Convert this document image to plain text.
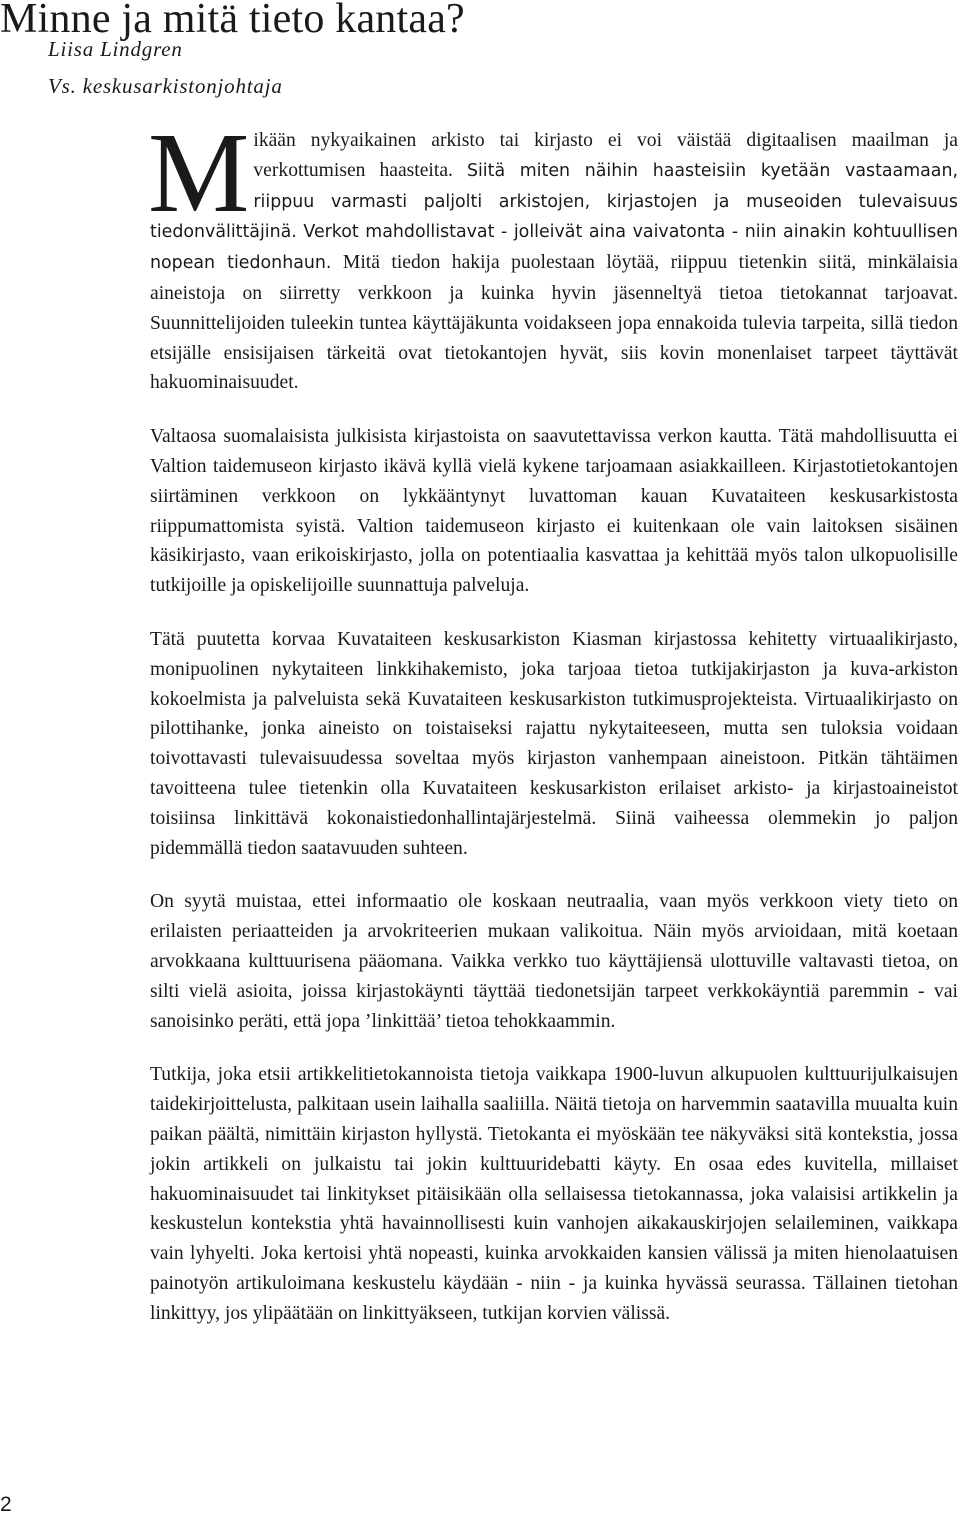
Minne ja mitä tieto kantaa?
Liisa Lindgren
Vs. keskusarkistonjohtaja

Mikään nykyaikainen arkisto tai kirjasto ei voi väistää digitaalisen maailman ja verkottumisen haasteita. Siitä miten näihin haasteisiin kyetään vastaamaan, riippuu varmasti paljolti arkistojen, kirjastojen ja museoiden tulevaisuus tiedonvälittäjinä. Verkot mahdollistavat - jolleivät aina vaivatonta - niin ainakin kohtuullisen nopean tiedonhaun. Mitä tiedon hakija puolestaan löytää, riippuu tietenkin siitä, minkälaisia aineistoja on siirretty verkkoon ja kuinka hyvin jäsenneltyä tietoa tietokannat tarjoavat. Suunnittelijoiden tuleekin tuntea käyttäjäkunta voidakseen jopa ennakoida tulevia tarpeita, sillä tiedon etsijälle ensisijaisen tärkeitä ovat tietokantojen hyvät, siis kovin monenlaiset tarpeet täyttävät hakuominaisuudet.

Valtaosa suomalaisista julkisista kirjastoista on saavutettavissa verkon kautta. Tätä mahdollisuutta ei Valtion taidemuseon kirjasto ikävä kyllä vielä kykene tarjoamaan asiakkailleen. Kirjastotietokantojen siirtäminen verkkoon on lykkääntynyt luvattoman kauan Kuvataiteen keskusarkistosta riippumattomista syistä. Valtion taidemuseon kirjasto ei kuitenkaan ole vain laitoksen sisäinen käsikirjasto, vaan erikoiskirjasto, jolla on potentiaalia kasvattaa ja kehittää myös talon ulkopuolisille tutkijoille ja opiskelijoille suunnattuja palveluja.

Tätä puutetta korvaa Kuvataiteen keskusarkiston Kiasman kirjastossa kehitetty virtuaalikirjasto, monipuolinen nykytaiteen linkkihakemisto, joka tarjoaa tietoa tutkijakirjaston ja kuva-arkiston kokoelmista ja palveluista sekä Kuvataiteen keskusarkiston tutkimusprojekteista. Virtuaalikirjasto on pilottihanke, jonka aineisto on toistaiseksi rajattu nykytaiteeseen, mutta sen tuloksia voidaan toivottavasti tulevaisuudessa soveltaa myös kirjaston vanhempaan aineistoon. Pitkän tähtäimen tavoitteena tulee tietenkin olla Kuvataiteen keskusarkiston erilaiset arkisto- ja kirjastoaineistot toisiinsa linkittävä kokonaistiedonhallintajärjestelmä. Siinä vaiheessa olemmekin jo paljon pidemmällä tiedon saatavuuden suhteen.

On syytä muistaa, ettei informaatio ole koskaan neutraalia, vaan myös verkkoon viety tieto on erilaisten periaatteiden ja arvokriteerien mukaan valikoitua. Näin myös arvioidaan, mitä koetaan arvokkaana kulttuurisena pääomana. Vaikka verkko tuo käyttäjiensä ulottuville valtavasti tietoa, on silti vielä asioita, joissa kirjastokäynti täyttää tiedonetsijän tarpeet verkkokäyntiä paremmin - vai sanoisinko peräti, että jopa ’linkittää’ tietoa tehokkaammin.

Tutkija, joka etsii artikkelitietokannoista tietoja vaikkapa 1900-luvun alkupuolen kulttuurijulkaisujen taidekirjoittelusta, palkitaan usein laihalla saaliilla. Näitä tietoja on harvemmin saatavilla muualta kuin paikan päältä, nimittäin kirjaston hyllystä. Tietokanta ei myöskään tee näkyväksi sitä kontekstia, jossa jokin artikkeli on julkaistu tai jokin kulttuuridebatti käyty. En osaa edes kuvitella, millaiset hakuominaisuudet tai linkitykset pitäisikään olla sellaisessa tietokannassa, joka valaisisi artikkelin ja keskustelun kontekstia yhtä havainnollisesti kuin vanhojen aikakauskirjojen selaileminen, vaikkapa vain lyhyelti. Joka kertoisi yhtä nopeasti, kuinka arvokkaiden kansien välissä ja miten hienolaatuisen painotyön artikuloimana keskustelu käydään - niin - ja kuinka hyvässä seurassa. Tällainen tietohan linkittyy, jos ylipäätään on linkittyäkseen, tutkijan korvien välissä.

2
